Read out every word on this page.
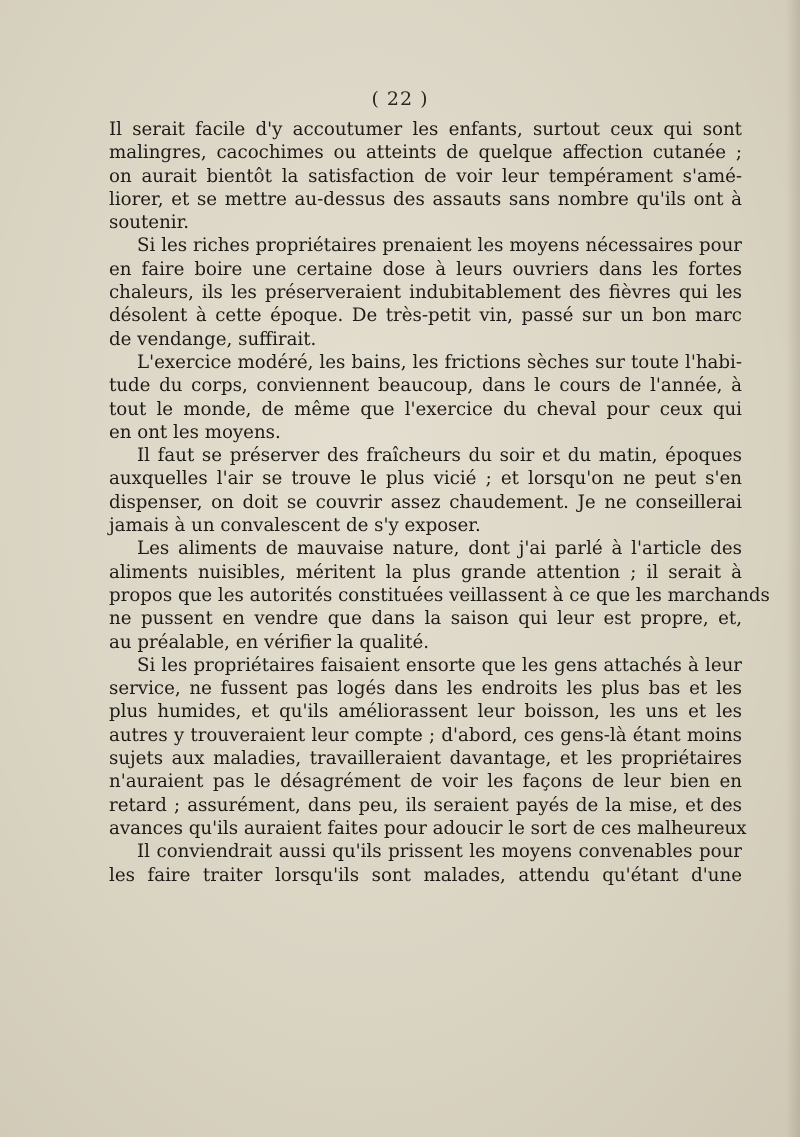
( 22 )
Il serait facile d'y accoutumer les enfants, surtout ceux qui sont
malingres, cacochimes ou atteints de quelque affection cutanée ;
on aurait bientôt la satisfaction de voir leur tempérament s'amé-
liorer, et se mettre au-dessus des assauts sans nombre qu'ils ont à
soutenir.
Si les riches propriétaires prenaient les moyens nécessaires pour
en faire boire une certaine dose à leurs ouvriers dans les fortes
chaleurs, ils les préserveraient indubitablement des fièvres qui les
désolent à cette époque. De très-petit vin, passé sur un bon marc
de vendange, suffirait.
L'exercice modéré, les bains, les frictions sèches sur toute l'habi-
tude du corps, conviennent beaucoup, dans le cours de l'année, à
tout le monde, de même que l'exercice du cheval pour ceux qui
en ont les moyens.
Il faut se préserver des fraîcheurs du soir et du matin, époques
auxquelles l'air se trouve le plus vicié ; et lorsqu'on ne peut s'en
dispenser, on doit se couvrir assez chaudement. Je ne conseillerai
jamais à un convalescent de s'y exposer.
Les aliments de mauvaise nature, dont j'ai parlé à l'article des
aliments nuisibles, méritent la plus grande attention ; il serait à
propos que les autorités constituées veillassent à ce que les marchands
ne pussent en vendre que dans la saison qui leur est propre, et,
au préalable, en vérifier la qualité.
Si les propriétaires faisaient ensorte que les gens attachés à leur
service, ne fussent pas logés dans les endroits les plus bas et les
plus humides, et qu'ils améliorassent leur boisson, les uns et les
autres y trouveraient leur compte ; d'abord, ces gens-là étant moins
sujets aux maladies, travailleraient davantage, et les propriétaires
n'auraient pas le désagrément de voir les façons de leur bien en
retard ; assurément, dans peu, ils seraient payés de la mise, et des
avances qu'ils auraient faites pour adoucir le sort de ces malheureux
Il conviendrait aussi qu'ils prissent les moyens convenables pour
les faire traiter lorsqu'ils sont malades, attendu qu'étant d'une
